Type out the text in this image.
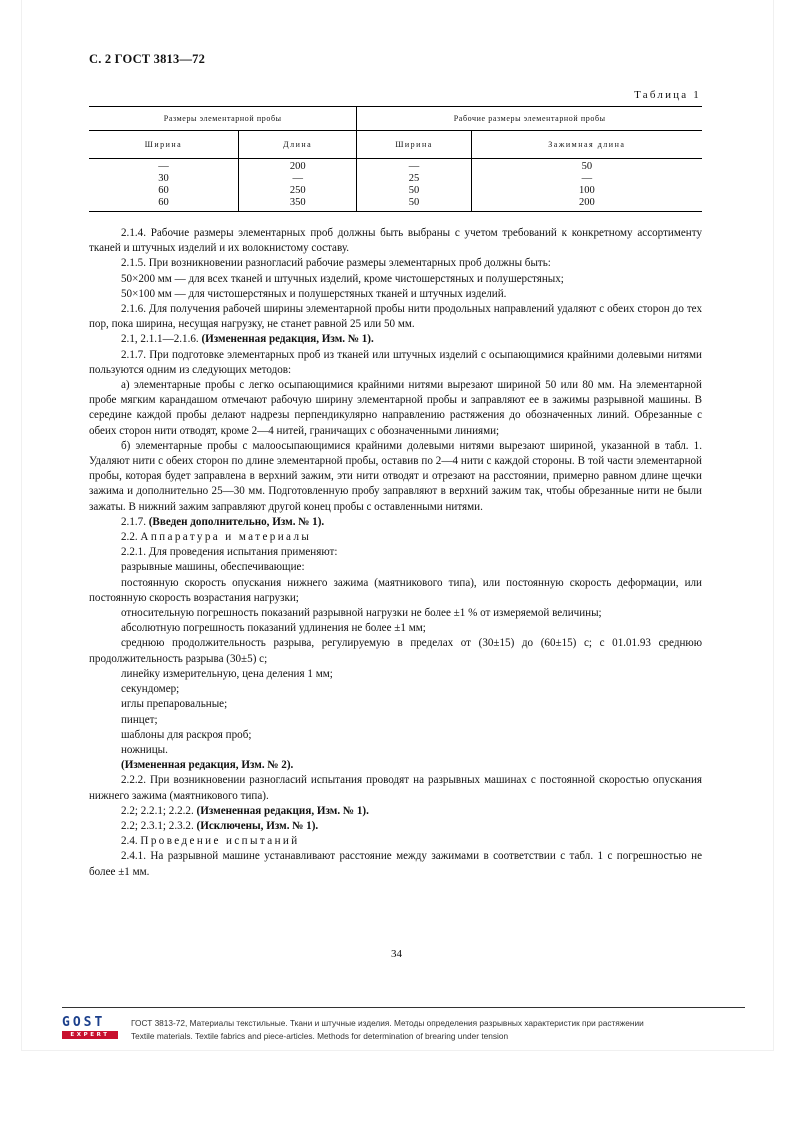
С. 2 ГОСТ 3813—72
Таблица 1
Размеры элементарной пробы		Рабочие размеры элементарной пробы	
Ширина	Длина	Ширина	Зажимная длина
—	200	—	50
30	—	25	—
60	250	50	100
60	350	50	200

2.1.4. Рабочие размеры элементарных проб должны быть выбраны с учетом требований к конкретному ассортименту тканей и штучных изделий и их волокнистому составу.

2.1.5. При возникновении разногласий рабочие размеры элементарных проб должны быть:

50×200 мм — для всех тканей и штучных изделий, кроме чистошерстяных и полушерстяных;

50×100 мм — для чистошерстяных и полушерстяных тканей и штучных изделий.

2.1.6. Для получения рабочей ширины элементарной пробы нити продольных направлений удаляют с обеих сторон до тех пор, пока ширина, несущая нагрузку, не станет равной 25 или 50 мм.

2.1, 2.1.1—2.1.6. (Измененная редакция, Изм. № 1).

2.1.7. При подготовке элементарных проб из тканей или штучных изделий с осыпающимися крайними долевыми нитями пользуются одним из следующих методов:

а) элементарные пробы с легко осыпающимися крайними нитями вырезают шириной 50 или 80 мм. На элементарной пробе мягким карандашом отмечают рабочую ширину элементарной пробы и заправляют ее в зажимы разрывной машины. В середине каждой пробы делают надрезы перпендикулярно направлению растяжения до обозначенных линий. Обрезанные с обеих сторон нити отводят, кроме 2—4 нитей, граничащих с обозначенными линиями;

б) элементарные пробы с малоосыпающимися крайними долевыми нитями вырезают шириной, указанной в табл. 1. Удаляют нити с обеих сторон по длине элементарной пробы, оставив по 2—4 нити с каждой стороны. В той части элементарной пробы, которая будет заправлена в верхний зажим, эти нити отводят и отрезают на расстоянии, примерно равном длине щечки зажима и дополнительно 25—30 мм. Подготовленную пробу заправляют в верхний зажим так, чтобы обрезанные нити не были зажаты. В нижний зажим заправляют другой конец пробы с оставленными нитями.

2.1.7. (Введен дополнительно, Изм. № 1).

2.2. Аппаратура и материалы

2.2.1. Для проведения испытания применяют:

разрывные машины, обеспечивающие:

постоянную скорость опускания нижнего зажима (маятникового типа), или постоянную скорость деформации, или постоянную скорость возрастания нагрузки;

относительную погрешность показаний разрывной нагрузки не более ±1 % от измеряемой величины;

абсолютную погрешность показаний удлинения не более ±1 мм;

среднюю продолжительность разрыва, регулируемую в пределах от (30±15) до (60±15) с; с 01.01.93 среднюю продолжительность разрыва (30±5) с;

линейку измерительную, цена деления 1 мм;

секундомер;

иглы препаровальные;

пинцет;

шаблоны для раскроя проб;

ножницы.

(Измененная редакция, Изм. № 2).

2.2.2. При возникновении разногласий испытания проводят на разрывных машинах с постоянной скоростью опускания нижнего зажима (маятникового типа).

2.2; 2.2.1; 2.2.2. (Измененная редакция, Изм. № 1).

2.2; 2.3.1; 2.3.2. (Исключены, Изм. № 1).

2.4. Проведение испытаний

2.4.1. На разрывной машине устанавливают расстояние между зажимами в соответствии с табл. 1 с погрешностью не более ±1 мм.

34
GOST
EXPERT
ГОСТ 3813-72, Материалы текстильные. Ткани и штучные изделия. Методы определения разрывных характеристик при растяжении
Textile materials. Textile fabrics and piece-articles. Methods for determination of brearing under tension
